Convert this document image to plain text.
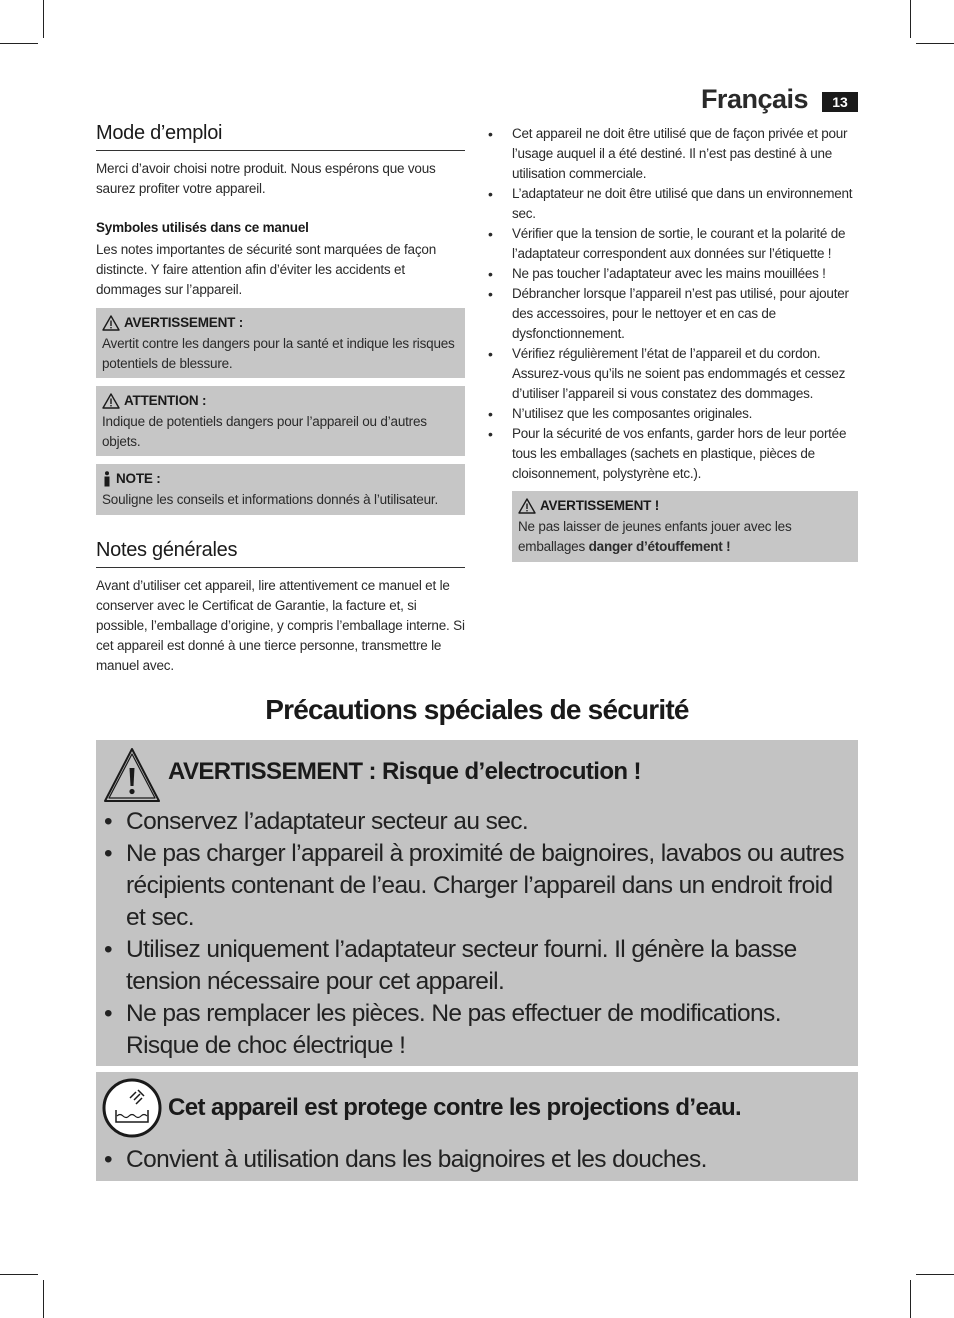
Français	13
Mode d’emploi

Merci d’avoir choisi notre produit. Nous espérons que vous saurez profiter votre appareil.

Symboles utilisés dans ce manuel

Les notes importantes de sécurité sont marquées de façon distincte. Y faire attention afin d’éviter les accidents et dommages sur l’appareil.

AVERTISSEMENT :
Avertit contre les dangers pour la santé et indique les risques potentiels de blessure.
ATTENTION :
Indique de potentiels dangers pour l’appareil ou d’autres objets.
NOTE :
Souligne les conseils et informations donnés à l’utilisateur.
Notes générales

Avant d’utiliser cet appareil, lire attentivement ce manuel et le conserver avec le Certificat de Garantie, la facture et, si possible, l’emballage d’origine, y compris l’emballage interne. Si cet appareil est donné à une tierce personne, transmettre le manuel avec.

• Cet appareil ne doit être utilisé que de façon privée et pour l’usage auquel il a été destiné. Il n’est pas destiné à une utilisation commerciale.
• L’adaptateur ne doit être utilisé que dans un environnement sec.
• Vérifier que la tension de sortie, le courant et la polarité de l’adaptateur correspondent aux données sur l’étiquette !
• Ne pas toucher l’adaptateur avec les mains mouillées !
• Débrancher lorsque l’appareil n’est pas utilisé, pour ajouter des accessoires, pour le nettoyer et en cas de dysfonctionnement.
• Vérifiez régulièrement l’état de l’appareil et du cordon. Assurez-vous qu’ils ne soient pas endommagés et cessez d’utiliser l’appareil si vous constatez des dommages.
• N’utilisez que les composantes originales.
• Pour la sécurité de vos enfants, garder hors de leur portée tous les emballages (sachets en plastique, pièces de cloisonnement, polystyrène etc.).
AVERTISSEMENT !
Ne pas laisser de jeunes enfants jouer avec les emballages danger d’étouffement !
Précautions spéciales de sécurité
AVERTISSEMENT : Risque d’electrocution !
• Conservez l’adaptateur secteur au sec.
• Ne pas charger l’appareil à proximité de baignoires, lavabos ou autres récipients contenant de l’eau. Charger l’appareil dans un endroit froid et sec.
• Utilisez uniquement l’adaptateur secteur fourni. Il génère la basse tension nécessaire pour cet appareil.
• Ne pas remplacer les pièces. Ne pas effectuer de modifications. Risque de choc électrique !
Cet appareil est protege contre les projections d’eau.
• Convient à utilisation dans les baignoires et les douches.
